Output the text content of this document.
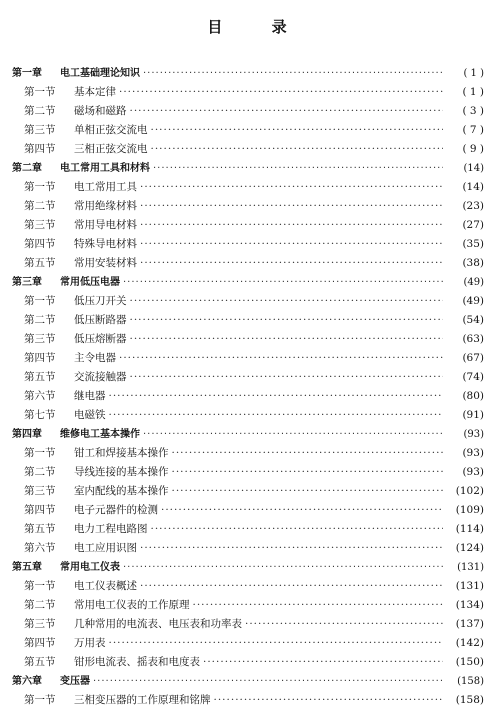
目 录
第一章	电工基础理论知识 ·····	( 1 )
第一节	基本定律 ·····	( 1 )
第二节	磁场和磁路 ·····	( 3 )
第三节	单相正弦交流电 ·····	( 7 )
第四节	三相正弦交流电 ·····	( 9 )
第二章	电工常用工具和材料 ·····	(14)
第一节	电工常用工具 ·····	(14)
第二节	常用绝缘材料 ·····	(23)
第三节	常用导电材料 ·····	(27)
第四节	特殊导电材料 ·····	(35)
第五节	常用安装材料 ·····	(38)
第三章	常用低压电器 ·····	(49)
第一节	低压刀开关 ·····	(49)
第二节	低压断路器 ·····	(54)
第三节	低压熔断器 ·····	(63)
第四节	主令电器 ·····	(67)
第五节	交流接触器 ·····	(74)
第六节	继电器 ·····	(80)
第七节	电磁铁 ·····	(91)
第四章	维修电工基本操作 ·····	(93)
第一节	钳工和焊接基本操作 ·····	(93)
第二节	导线连接的基本操作 ·····	(93)
第三节	室内配线的基本操作 ·····	(102)
第四节	电子元器件的检测 ·····	(109)
第五节	电力工程电路图 ·····	(114)
第六节	电工应用识图 ·····	(124)
第五章	常用电工仪表 ·····	(131)
第一节	电工仪表概述 ·····	(131)
第二节	常用电工仪表的工作原理 ·····	(134)
第三节	几种常用的电流表、电压表和功率表 ·····	(137)
第四节	万用表 ·····	(142)
第五节	钳形电流表、摇表和电度表 ·····	(150)
第六章	变压器 ·····	(158)
第一节	三相变压器的工作原理和铭牌 ·····	(158)
